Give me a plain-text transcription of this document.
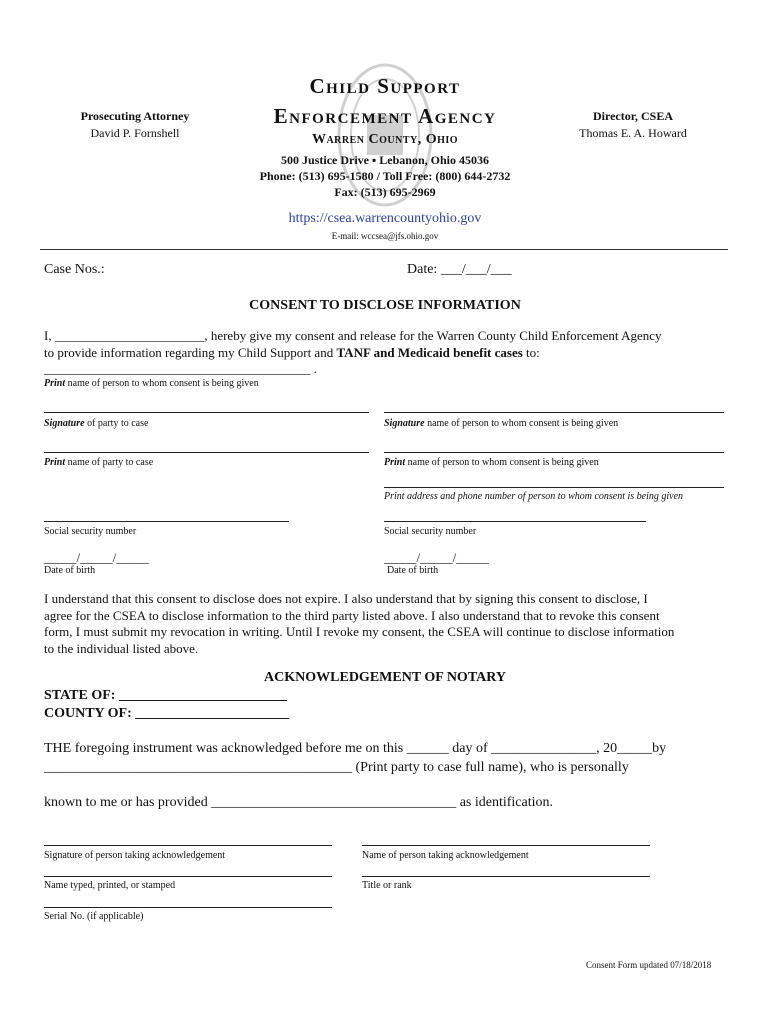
Prosecuting Attorney
David P. Fornshell
Child Support
Enforcement Agency
Warren County, Ohio
Director, CSEA
Thomas E. A. Howard
500 Justice Drive ▪ Lebanon, Ohio 45036
Phone: (513) 695-1580 / Toll Free: (800) 644-2732
Fax: (513) 695-2969
https://csea.warrencountyohio.gov
E-mail: wccsea@jfs.ohio.gov
Case Nos.:	Date: ___/___/___
CONSENT TO DISCLOSE INFORMATION
I, _______________________, hereby give my consent and release for the Warren County Child Enforcement Agency
to provide information regarding my Child Support and TANF and Medicaid benefit cases to:
_________________________________________ .
Print name of person to whom consent is being given
Signature of party to case	Signature name of person to whom consent is being given
Print name of party to case	Print name of person to whom consent is being given
Print address and phone number of person to whom consent is being given
Social security number	Social security number
_____/_____/_____	_____/_____/_____
Date of birth	Date of birth
I understand that this consent to disclose does not expire. I also understand that by signing this consent to disclose, I
agree for the CSEA to disclose information to the third party listed above. I also understand that to revoke this consent
form, I must submit my revocation in writing. Until I revoke my consent, the CSEA will continue to disclose information
to the individual listed above.
ACKNOWLEDGEMENT OF NOTARY
STATE OF: ________________________
COUNTY OF: ______________________
THE foregoing instrument was acknowledged before me on this ______ day of _______________, 20_____by
____________________________________________ (Print party to case full name), who is personally
known to me or has provided ___________________________________ as identification.
Signature of person taking acknowledgement	Name of person taking acknowledgement
Name typed, printed, or stamped	Title or rank
Serial No. (if applicable)
Consent Form updated 07/18/2018
